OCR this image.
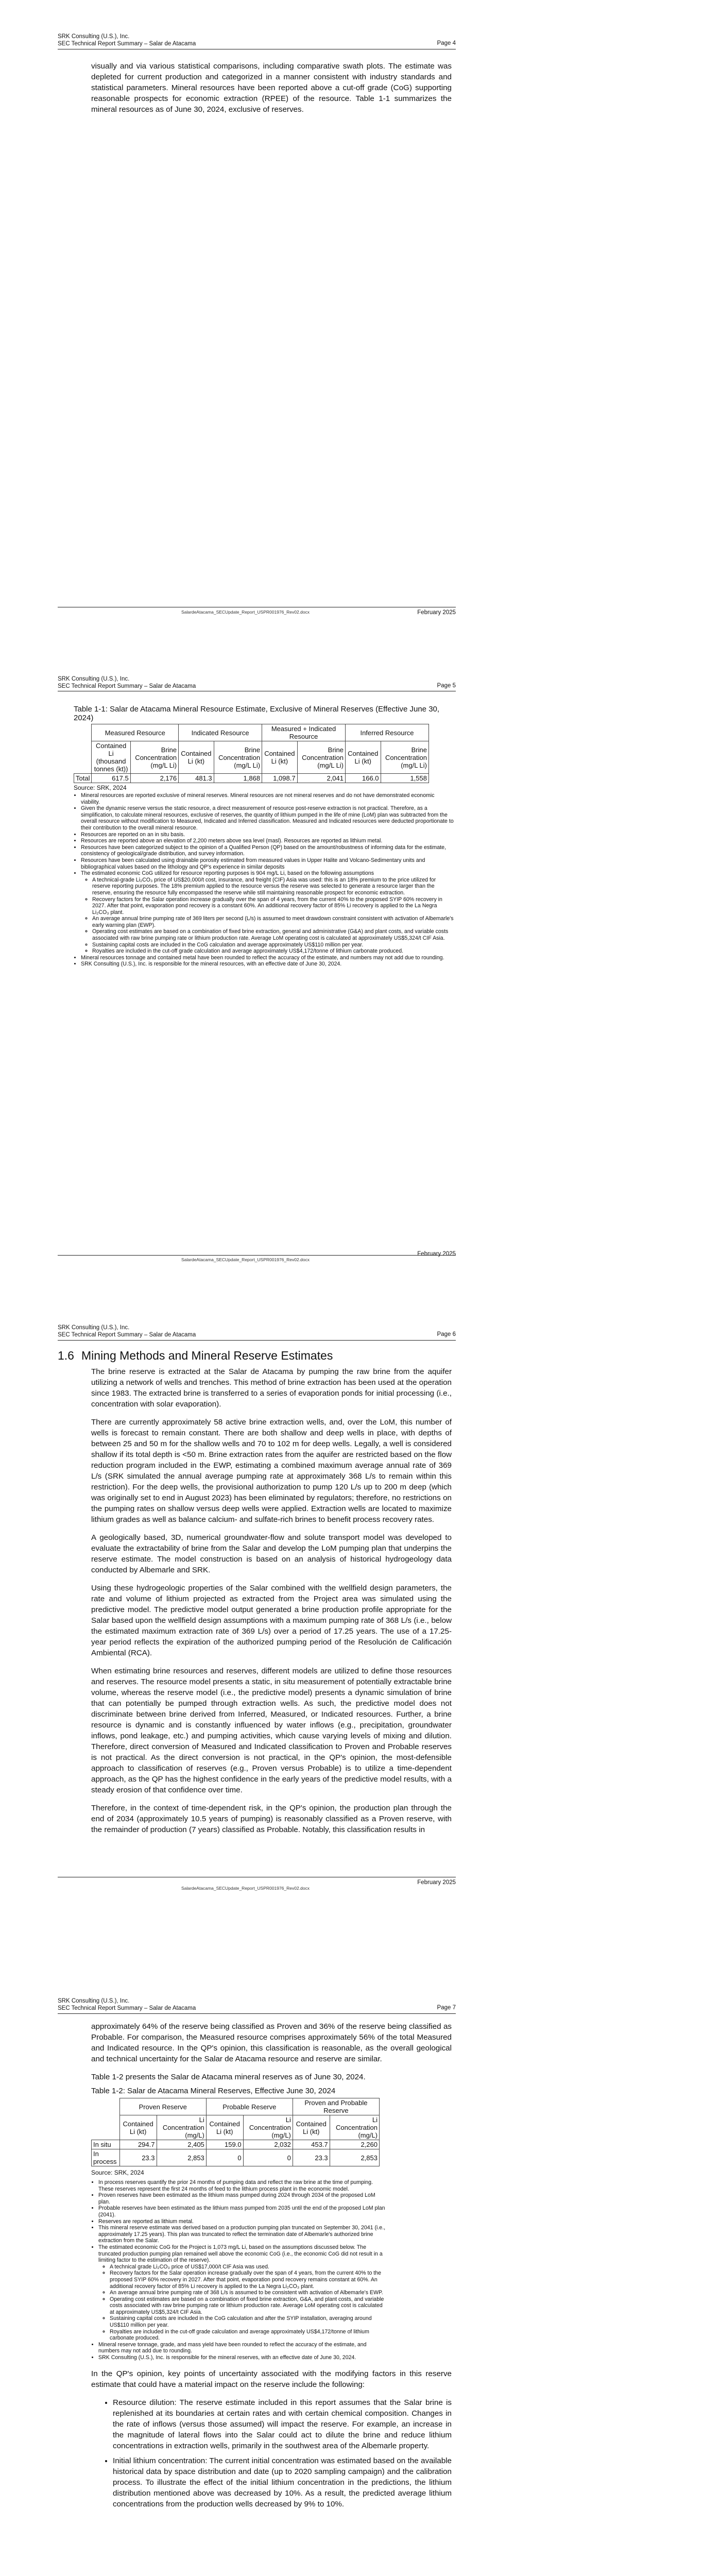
SRK Consulting (U.S.), Inc.
SEC Technical Report Summary – Salar de Atacama	Page 4

visually and via various statistical comparisons, including comparative swath plots. The estimate was depleted for current production and categorized in a manner consistent with industry standards and statistical parameters. Mineral resources have been reported above a cut-off grade (CoG) supporting reasonable prospects for economic extraction (RPEE) of the resource. Table 1-1 summarizes the mineral resources as of June 30, 2024, exclusive of reserves.

SalardeAtacama_SECUpdate_Report_USPR001976_Rev02.docx	February 2025
SRK Consulting (U.S.), Inc.
SEC Technical Report Summary – Salar de Atacama	Page 5
Table 1-1: Salar de Atacama Mineral Resource Estimate, Exclusive of Mineral Reserves (Effective June 30, 2024)
	Measured Resource		Indicated Resource		Measured + Indicated Resource		Inferred Resource	
	Contained Li (thousand tonnes (kt))	Brine Concentration (mg/L Li)	Contained Li (kt)	Brine Concentration (mg/L Li)	Contained Li (kt)	Brine Concentration (mg/L Li)	Contained Li (kt)	Brine Concentration (mg/L Li)
Total	617.5	2,176	481.3	1,868	1,098.7	2,041	166.0	1,558
Source: SRK, 2024
• Mineral resources are reported exclusive of mineral reserves. Mineral resources are not mineral reserves and do not have demonstrated economic viability.
• Given the dynamic reserve versus the static resource, a direct measurement of resource post-reserve extraction is not practical. Therefore, as a simplification, to calculate mineral resources, exclusive of reserves, the quantity of lithium pumped in the life of mine (LoM) plan was subtracted from the overall resource without modification to Measured, Indicated and Inferred classification. Measured and Indicated resources were deducted proportionate to their contribution to the overall mineral resource.
• Resources are reported on an in situ basis.
• Resources are reported above an elevation of 2,200 meters above sea level (masl). Resources are reported as lithium metal.
• Resources have been categorized subject to the opinion of a Qualified Person (QP) based on the amount/robustness of informing data for the estimate, consistency of geological/grade distribution, and survey information.
• Resources have been calculated using drainable porosity estimated from measured values in Upper Halite and Volcano-Sedimentary units and bibliographical values based on the lithology and QP's experience in similar deposits
• The estimated economic CoG utilized for resource reporting purposes is 904 mg/L Li, based on the following assumptions
◦ A technical-grade Li₂CO₃ price of US$20,000/t cost, insurance, and freight (CIF) Asia was used: this is an 18% premium to the price utilized for reserve reporting purposes. The 18% premium applied to the resource versus the reserve was selected to generate a resource larger than the reserve, ensuring the resource fully encompassed the reserve while still maintaining reasonable prospect for economic extraction.
◦ Recovery factors for the Salar operation increase gradually over the span of 4 years, from the current 40% to the proposed SYIP 60% recovery in 2027. After that point, evaporation pond recovery is a constant 60%. An additional recovery factor of 85% Li recovery is applied to the La Negra Li₂CO₃ plant.
◦ An average annual brine pumping rate of 369 liters per second (L/s) is assumed to meet drawdown constraint consistent with activation of Albemarle's early warning plan (EWP).
◦ Operating cost estimates are based on a combination of fixed brine extraction, general and administrative (G&A) and plant costs, and variable costs associated with raw brine pumping rate or lithium production rate. Average LoM operating cost is calculated at approximately US$5,324/t CIF Asia.
◦ Sustaining capital costs are included in the CoG calculation and average approximately US$110 million per year.
◦ Royalties are included in the cut-off grade calculation and average approximately US$4,172/tonne of lithium carbonate produced.
• Mineral resources tonnage and contained metal have been rounded to reflect the accuracy of the estimate, and numbers may not add due to rounding.
• SRK Consulting (U.S.), Inc. is responsible for the mineral resources, with an effective date of June 30, 2024.
SalardeAtacama_SECUpdate_Report_USPR001976_Rev02.docx
February 2025
SRK Consulting (U.S.), Inc.
SEC Technical Report Summary – Salar de Atacama	Page 6
1.6 Mining Methods and Mineral Reserve Estimates

The brine reserve is extracted at the Salar de Atacama by pumping the raw brine from the aquifer utilizing a network of wells and trenches. This method of brine extraction has been used at the operation since 1983. The extracted brine is transferred to a series of evaporation ponds for initial processing (i.e., concentration with solar evaporation).

There are currently approximately 58 active brine extraction wells, and, over the LoM, this number of wells is forecast to remain constant. There are both shallow and deep wells in place, with depths of between 25 and 50 m for the shallow wells and 70 to 102 m for deep wells. Legally, a well is considered shallow if its total depth is <50 m. Brine extraction rates from the aquifer are restricted based on the flow reduction program included in the EWP, estimating a combined maximum average annual rate of 369 L/s (SRK simulated the annual average pumping rate at approximately 368 L/s to remain within this restriction). For the deep wells, the provisional authorization to pump 120 L/s up to 200 m deep (which was originally set to end in August 2023) has been eliminated by regulators; therefore, no restrictions on the pumping rates on shallow versus deep wells were applied. Extraction wells are located to maximize lithium grades as well as balance calcium- and sulfate-rich brines to benefit process recovery rates.

A geologically based, 3D, numerical groundwater-flow and solute transport model was developed to evaluate the extractability of brine from the Salar and develop the LoM pumping plan that underpins the reserve estimate. The model construction is based on an analysis of historical hydrogeology data conducted by Albemarle and SRK.

Using these hydrogeologic properties of the Salar combined with the wellfield design parameters, the rate and volume of lithium projected as extracted from the Project area was simulated using the predictive model. The predictive model output generated a brine production profile appropriate for the Salar based upon the wellfield design assumptions with a maximum pumping rate of 368 L/s (i.e., below the estimated maximum extraction rate of 369 L/s) over a period of 17.25 years. The use of a 17.25-year period reflects the expiration of the authorized pumping period of the Resolución de Calificación Ambiental (RCA).

When estimating brine resources and reserves, different models are utilized to define those resources and reserves. The resource model presents a static, in situ measurement of potentially extractable brine volume, whereas the reserve model (i.e., the predictive model) presents a dynamic simulation of brine that can potentially be pumped through extraction wells. As such, the predictive model does not discriminate between brine derived from Inferred, Measured, or Indicated resources. Further, a brine resource is dynamic and is constantly influenced by water inflows (e.g., precipitation, groundwater inflows, pond leakage, etc.) and pumping activities, which cause varying levels of mixing and dilution. Therefore, direct conversion of Measured and Indicated classification to Proven and Probable reserves is not practical. As the direct conversion is not practical, in the QP's opinion, the most-defensible approach to classification of reserves (e.g., Proven versus Probable) is to utilize a time-dependent approach, as the QP has the highest confidence in the early years of the predictive model results, with a steady erosion of that confidence over time.

Therefore, in the context of time-dependent risk, in the QP's opinion, the production plan through the end of 2034 (approximately 10.5 years of pumping) is reasonably classified as a Proven reserve, with the remainder of production (7 years) classified as Probable. Notably, this classification results in

SalardeAtacama_SECUpdate_Report_USPR001976_Rev02.docx
February 2025
SRK Consulting (U.S.), Inc.
SEC Technical Report Summary – Salar de Atacama	Page 7

approximately 64% of the reserve being classified as Proven and 36% of the reserve being classified as Probable. For comparison, the Measured resource comprises approximately 56% of the total Measured and Indicated resource. In the QP's opinion, this classification is reasonable, as the overall geological and technical uncertainty for the Salar de Atacama resource and reserve are similar.

Table 1-2 presents the Salar de Atacama mineral reserves as of June 30, 2024.

Table 1-2: Salar de Atacama Mineral Reserves, Effective June 30, 2024
	Proven Reserve		Probable Reserve		Proven and Probable Reserve	
	Contained Li (kt)	Li Concentration (mg/L)	Contained Li (kt)	Li Concentration (mg/L)	Contained Li (kt)	Li Concentration (mg/L)
In situ	294.7	2,405	159.0	2,032	453.7	2,260
In process	23.3	2,853	0	0	23.3	2,853
Source: SRK, 2024
• In process reserves quantify the prior 24 months of pumping data and reflect the raw brine at the time of pumping. These reserves represent the first 24 months of feed to the lithium process plant in the economic model.
• Proven reserves have been estimated as the lithium mass pumped during 2024 through 2034 of the proposed LoM plan.
• Probable reserves have been estimated as the lithium mass pumped from 2035 until the end of the proposed LoM plan (2041).
• Reserves are reported as lithium metal.
• This mineral reserve estimate was derived based on a production pumping plan truncated on September 30, 2041 (i.e., approximately 17.25 years). This plan was truncated to reflect the termination date of Albemarle's authorized brine extraction from the Salar.
• The estimated economic CoG for the Project is 1,073 mg/L Li, based on the assumptions discussed below. The truncated production pumping plan remained well above the economic CoG (i.e., the economic CoG did not result in a limiting factor to the estimation of the reserve).
◦ A technical grade Li₂CO₃ price of US$17,000/t CIF Asia was used.
◦ Recovery factors for the Salar operation increase gradually over the span of 4 years, from the current 40% to the proposed SYIP 60% recovery in 2027. After that point, evaporation pond recovery remains constant at 60%. An additional recovery factor of 85% Li recovery is applied to the La Negra Li₂CO₃ plant.
◦ An average annual brine pumping rate of 368 L/s is assumed to be consistent with activation of Albemarle's EWP.
◦ Operating cost estimates are based on a combination of fixed brine extraction, G&A, and plant costs, and variable costs associated with raw brine pumping rate or lithium production rate. Average LoM operating cost is calculated at approximately US$5,324/t CIF Asia.
◦ Sustaining capital costs are included in the CoG calculation and after the SYIP installation, averaging around US$110 million per year.
◦ Royalties are included in the cut-off grade calculation and average approximately US$4,172/tonne of lithium carbonate produced.
• Mineral reserve tonnage, grade, and mass yield have been rounded to reflect the accuracy of the estimate, and numbers may not add due to rounding.
• SRK Consulting (U.S.), Inc. is responsible for the mineral reserves, with an effective date of June 30, 2024.

In the QP's opinion, key points of uncertainty associated with the modifying factors in this reserve estimate that could have a material impact on the reserve include the following:

• Resource dilution: The reserve estimate included in this report assumes that the Salar brine is replenished at its boundaries at certain rates and with certain chemical composition. Changes in the rate of inflows (versus those assumed) will impact the reserve. For example, an increase in the magnitude of lateral flows into the Salar could act to dilute the brine and reduce lithium concentrations in extraction wells, primarily in the southwest area of the Albemarle property.
• Initial lithium concentration: The current initial concentration was estimated based on the available historical data by space distribution and date (up to 2020 sampling campaign) and the calibration process. To illustrate the effect of the initial lithium concentration in the predictions, the lithium distribution mentioned above was decreased by 10%. As a result, the predicted average lithium concentrations from the production wells decreased by 9% to 10%.
